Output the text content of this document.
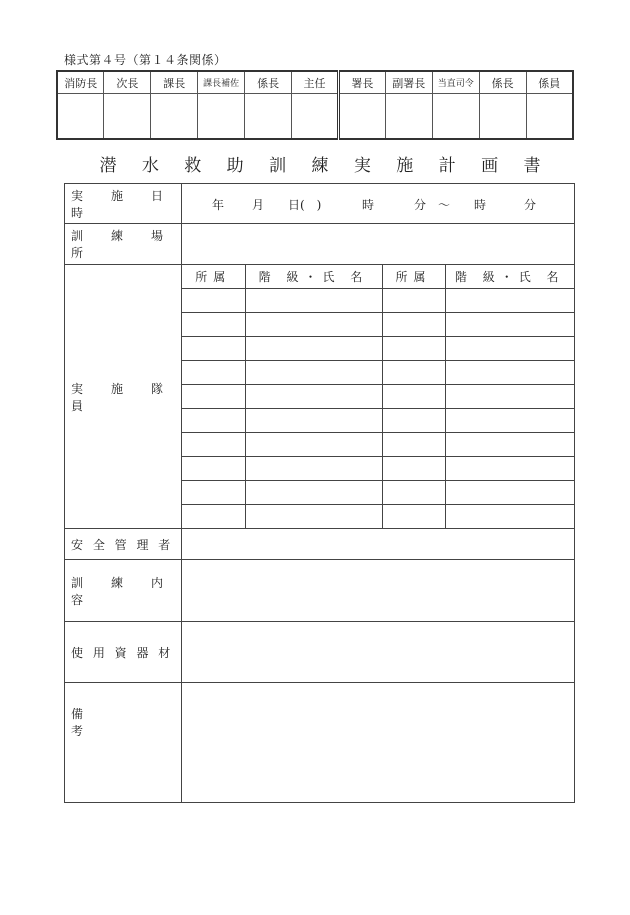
様式第４号（第１４条関係）
消防長	次長	課長	課長補佐	係長	主任	署長	副署長	当直司令	係長	係員

潜 水 救 助 訓 練 実 施 計 画 書
実　施　日　時	
年 月 日(　)	時	分　～ 時	分

訓　練　場　所	
実　施　隊　員	
所属	階 級・氏 名	所属	階 級・氏 名

安 全 管 理 者	
訓　練　内　容	
使 用 資 器 材	
備　　　　考	
